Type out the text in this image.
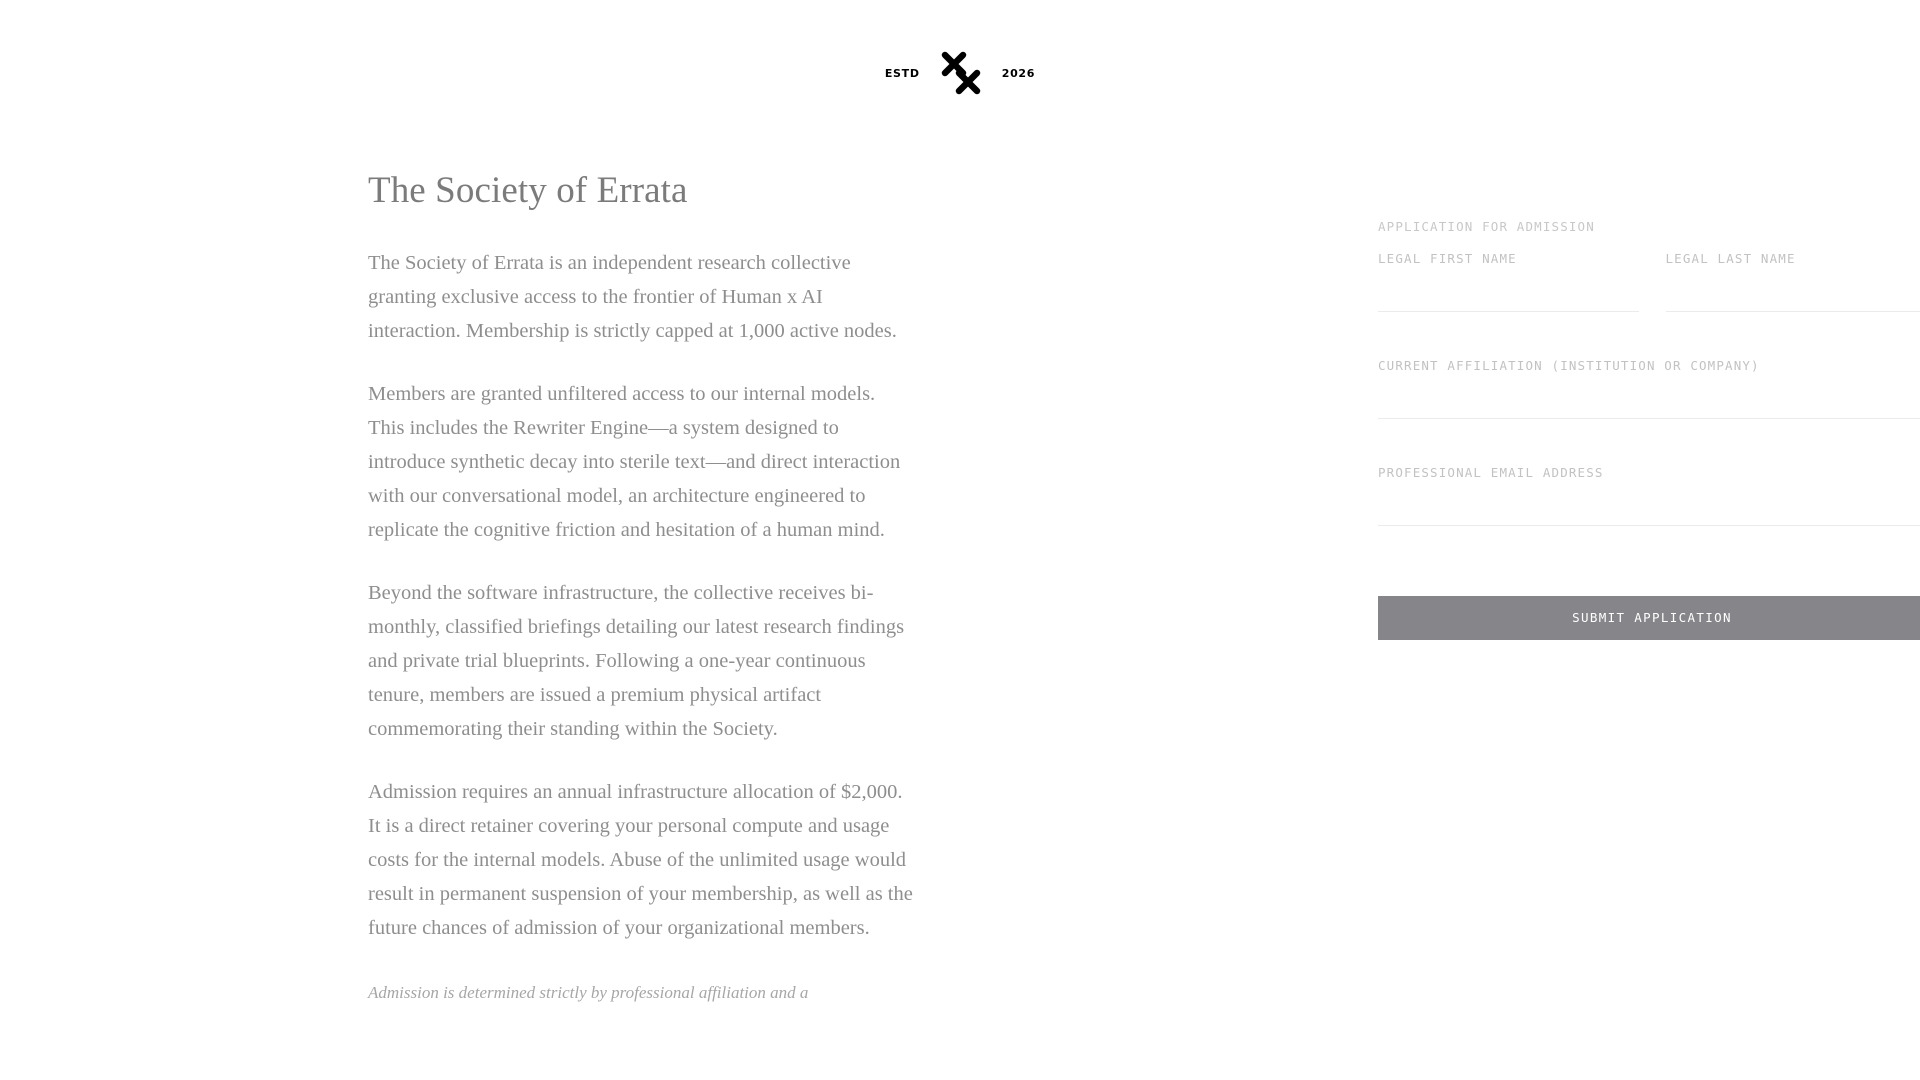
ESTD	2026
The Society of Errata

The Society of Errata is an independent research collective granting exclusive access to the frontier of Human x AI interaction. Membership is strictly capped at 1,000 active nodes.

Members are granted unfiltered access to our internal models. This includes the Rewriter Engine—a system designed to introduce synthetic decay into sterile text—and direct interaction with our conversational model, an architecture engineered to replicate the cognitive friction and hesitation of a human mind.

Beyond the software infrastructure, the collective receives bi-monthly, classified briefings detailing our latest research findings and private trial blueprints. Following a one-year continuous tenure, members are issued a premium physical artifact commemorating their standing within the Society.

Admission requires an annual infrastructure allocation of $2,000. It is a direct retainer covering your personal compute and usage costs for the internal models. Abuse of the unlimited usage would result in permanent suspension of your membership, as well as the future chances of admission of your organizational members.

Admission is determined strictly by professional affiliation and a

APPLICATION FOR ADMISSION
LEGAL FIRST NAME	LEGAL LAST NAME
CURRENT AFFILIATION (INSTITUTION OR COMPANY)
PROFESSIONAL EMAIL ADDRESS
SUBMIT APPLICATION
